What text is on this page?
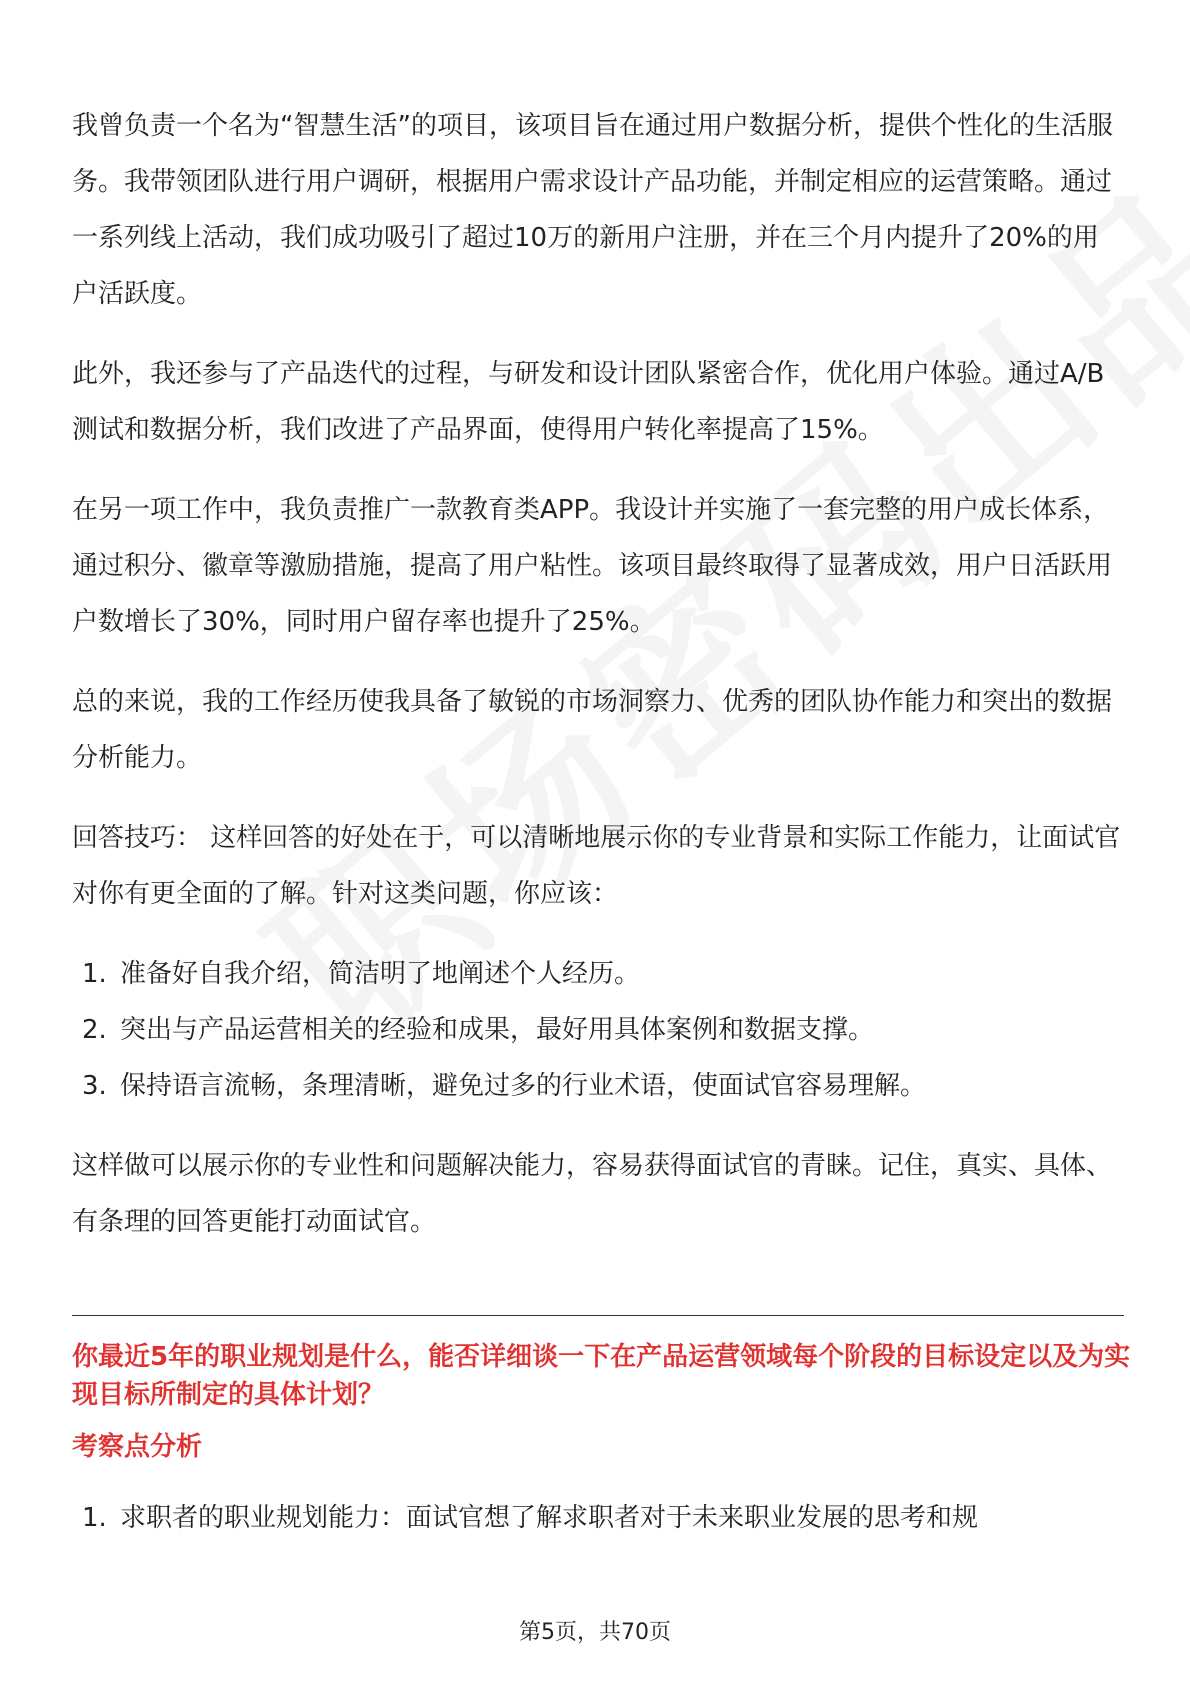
我曾负责一个名为“智慧生活”的项目，该项目旨在通过用户数据分析，提供个性化的生活服务。我带领团队进行用户调研，根据用户需求设计产品功能，并制定相应的运营策略。通过一系列线上活动，我们成功吸引了超过10万的新用户注册，并在三个月内提升了20%的用户活跃度。

此外，我还参与了产品迭代的过程，与研发和设计团队紧密合作，优化用户体验。通过A/B测试和数据分析，我们改进了产品界面，使得用户转化率提高了15%。

在另一项工作中，我负责推广一款教育类APP。我设计并实施了一套完整的用户成长体系，通过积分、徽章等激励措施，提高了用户粘性。该项目最终取得了显著成效，用户日活跃用户数增长了30%，同时用户留存率也提升了25%。

总的来说，我的工作经历使我具备了敏锐的市场洞察力、优秀的团队协作能力和突出的数据分析能力。

回答技巧： 这样回答的好处在于，可以清晰地展示你的专业背景和实际工作能力，让面试官对你有更全面的了解。针对这类问题，你应该：

1. 准备好自我介绍，简洁明了地阐述个人经历。
2. 突出与产品运营相关的经验和成果，最好用具体案例和数据支撑。
3. 保持语言流畅，条理清晰，避免过多的行业术语，使面试官容易理解。

这样做可以展示你的专业性和问题解决能力，容易获得面试官的青睐。记住，真实、具体、有条理的回答更能打动面试官。

你最近5年的职业规划是什么，能否详细谈一下在产品运营领域每个阶段的目标设定以及为实现目标所制定的具体计划？

考察点分析

1. 求职者的职业规划能力：面试官想了解求职者对于未来职业发展的思考和规
第5页，共70页
